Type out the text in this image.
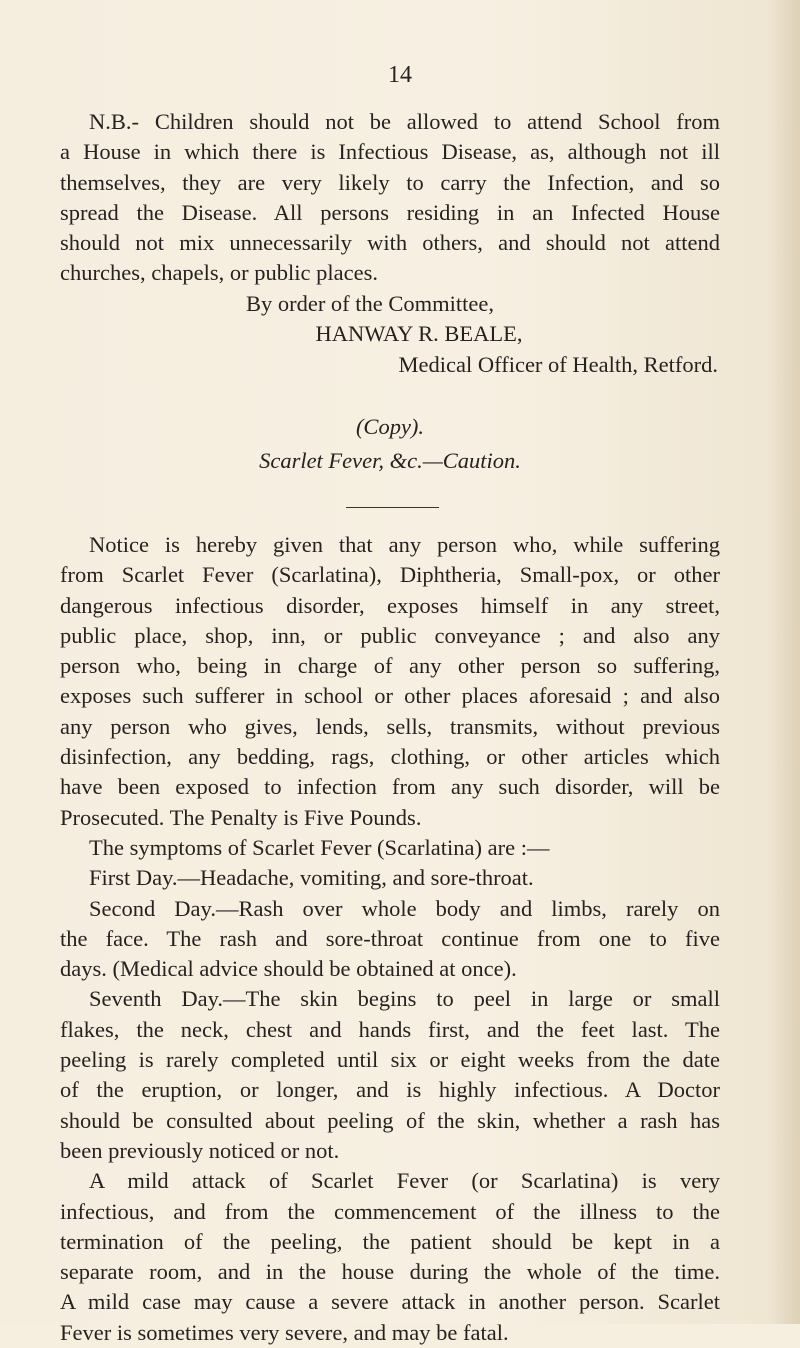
14
N.B.- Children should not be allowed to attend School from
a House in which there is Infectious Disease, as, although not ill
themselves, they are very likely to carry the Infection, and so
spread the Disease. All persons residing in an Infected House
should not mix unnecessarily with others, and should not attend
churches, chapels, or public places.
By order of the Committee,
HANWAY R. BEALE,
Medical Officer of Health, Retford.
(Copy).
Scarlet Fever, &c.—Caution.
Notice is hereby given that any person who, while suffering
from Scarlet Fever (Scarlatina), Diphtheria, Small-pox, or other
dangerous infectious disorder, exposes himself in any street,
public place, shop, inn, or public conveyance ; and also any
person who, being in charge of any other person so suffering,
exposes such sufferer in school or other places aforesaid ; and also
any person who gives, lends, sells, transmits, without previous
disinfection, any bedding, rags, clothing, or other articles which
have been exposed to infection from any such disorder, will be
Prosecuted. The Penalty is Five Pounds.
The symptoms of Scarlet Fever (Scarlatina) are :—
First Day.—Headache, vomiting, and sore-throat.
Second Day.—Rash over whole body and limbs, rarely on
the face. The rash and sore-throat continue from one to five
days. (Medical advice should be obtained at once).
Seventh Day.—The skin begins to peel in large or small
flakes, the neck, chest and hands first, and the feet last. The
peeling is rarely completed until six or eight weeks from the date
of the eruption, or longer, and is highly infectious. A Doctor
should be consulted about peeling of the skin, whether a rash has
been previously noticed or not.
A mild attack of Scarlet Fever (or Scarlatina) is very
infectious, and from the commencement of the illness to the
termination of the peeling, the patient should be kept in a
separate room, and in the house during the whole of the time.
A mild case may cause a severe attack in another person. Scarlet
Fever is sometimes very severe, and may be fatal.
